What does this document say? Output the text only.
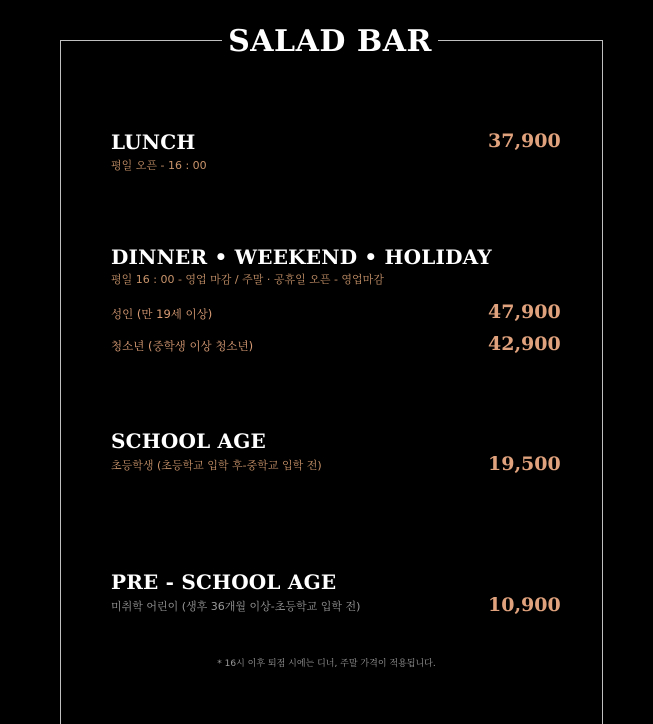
SALAD BAR
LUNCH
평일 오픈 - 16 : 00
37,900
DINNER • WEEKEND • HOLIDAY
평일 16 : 00 - 영업 마감 / 주말 · 공휴일 오픈 - 영업마감
성인 (만 19세 이상)	47,900
청소년 (중학생 이상 청소년)	42,900
SCHOOL AGE
초등학생 (초등학교 입학 후-중학교 입학 전)	19,500
PRE - SCHOOL AGE
미취학 어린이 (생후 36개월 이상-초등학교 입학 전)	10,900
* 16시 이후 퇴점 시에는 디너, 주말 가격이 적용됩니다.
